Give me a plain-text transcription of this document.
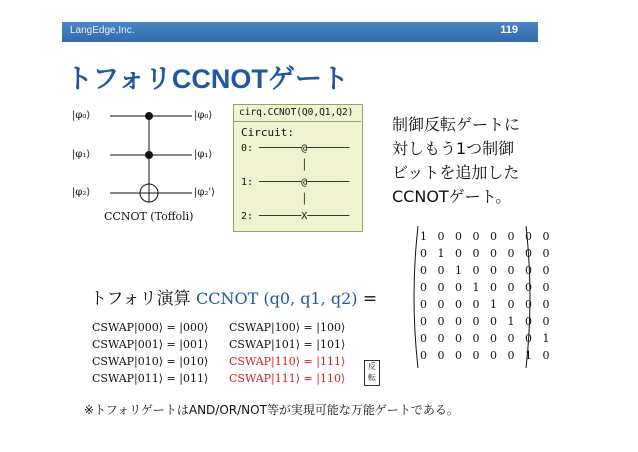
LangEdge,Inc.	119
トフォリCCNOTゲート
|φ₀⟩
|φ₁⟩
|φ₂⟩
|φ₀⟩
|φ₁⟩
|φ₂'⟩
CCNOT (Toffoli)
cirq.CCNOT(Q0,Q1,Q2)
Circuit:
0: ───────@───────
│
1: ───────@───────
│
2: ───────X───────
制御反転ゲートに
対しもう1つ制御
ビットを追加した
CCNOTゲート。
1 0 0 0 0 0 0 0
0 1 0 0 0 0 0 0
0 0 1 0 0 0 0 0
0 0 0 1 0 0 0 0
0 0 0 0 1 0 0 0
0 0 0 0 0 1 0 0
0 0 0 0 0 0 0 1
0 0 0 0 0 0 1 0
トフォリ演算 CCNOT (q0, q1, q2) =
CSWAP|000⟩ = |000⟩
CSWAP|001⟩ = |001⟩
CSWAP|010⟩ = |010⟩
CSWAP|011⟩ = |011⟩
CSWAP|100⟩ = |100⟩
CSWAP|101⟩ = |101⟩
CSWAP|110⟩ = |111⟩
CSWAP|111⟩ = |110⟩
反
転
※トフォリゲートはAND/OR/NOT等が実現可能な万能ゲートである。
